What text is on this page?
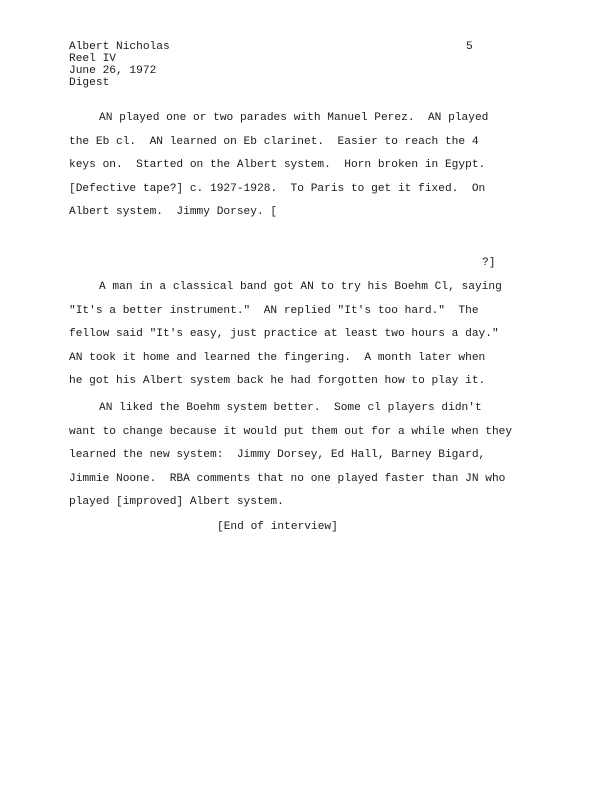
Albert Nicholas
Reel IV
June 26, 1972
Digest
5
AN played one or two parades with Manuel Perez.  AN played
the Eb cl.  AN learned on Eb clarinet.  Easier to reach the 4
keys on.  Started on the Albert system.  Horn broken in Egypt.
[Defective tape?] c. 1927-1928.  To Paris to get it fixed.  On
Albert system.  Jimmy Dorsey. [
?]
A man in a classical band got AN to try his Boehm Cl, saying
"It's a better instrument."  AN replied "It's too hard."  The
fellow said "It's easy, just practice at least two hours a day."
AN took it home and learned the fingering.  A month later when
he got his Albert system back he had forgotten how to play it.
AN liked the Boehm system better.  Some cl players didn't
want to change because it would put them out for a while when they
learned the new system:  Jimmy Dorsey, Ed Hall, Barney Bigard,
Jimmie Noone.  RBA comments that no one played faster than JN who
played [improved] Albert system.
[End of interview]
